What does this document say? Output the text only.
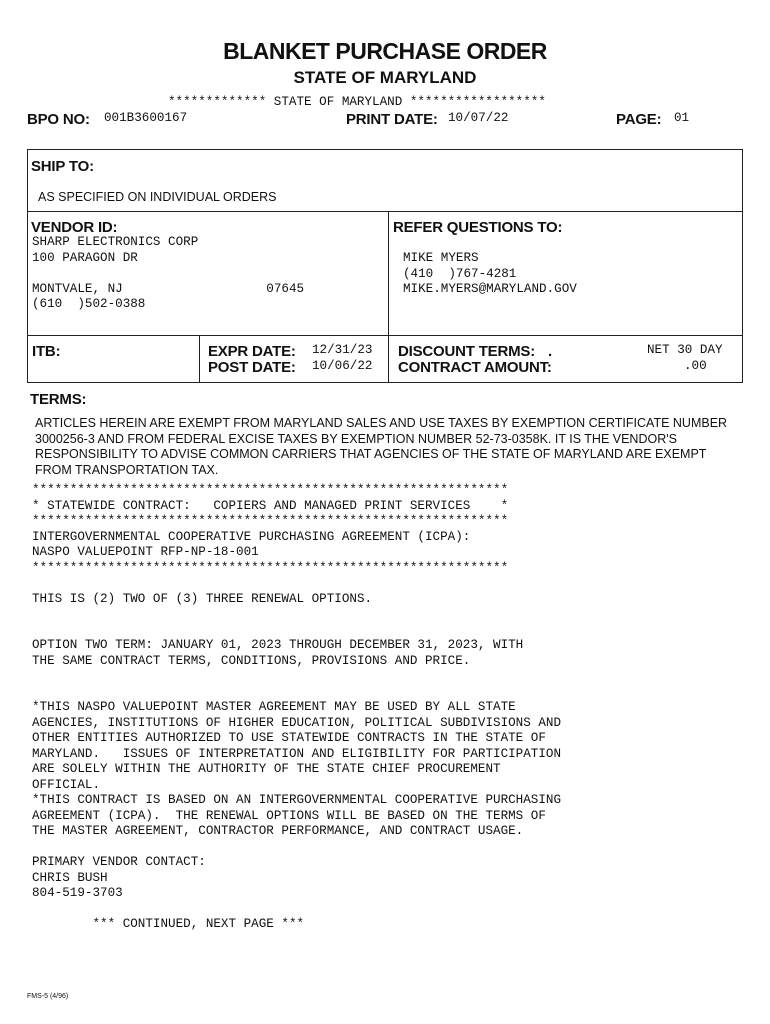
BLANKET PURCHASE ORDER
STATE OF MARYLAND
************* STATE OF MARYLAND ******************
BPO NO: 001B3600167	PRINT DATE: 10/07/22	PAGE: 01
SHIP TO:
AS SPECIFIED ON INDIVIDUAL ORDERS
VENDOR ID:
SHARP ELECTRONICS CORP
100 PARAGON DR
MONTVALE, NJ                   07645
(610  )502-0388
REFER QUESTIONS TO:
MIKE MYERS
(410  )767-4281
MIKE.MYERS@MARYLAND.GOV
ITB:	EXPR DATE: 12/31/23
POST DATE: 10/06/22
DISCOUNT TERMS: .	NET 30 DAY
CONTRACT AMOUNT:	.00
TERMS:
ARTICLES HEREIN ARE EXEMPT FROM MARYLAND SALES AND USE TAXES BY EXEMPTION CERTIFICATE NUMBER 3000256-3 AND FROM FEDERAL EXCISE TAXES BY EXEMPTION NUMBER 52-73-0358K. IT IS THE VENDOR'S RESPONSIBILITY TO ADVISE COMMON CARRIERS THAT AGENCIES OF THE STATE OF MARYLAND ARE EXEMPT FROM TRANSPORTATION TAX.
***************************************************************
* STATEWIDE CONTRACT:   COPIERS AND MANAGED PRINT SERVICES    *
***************************************************************
INTERGOVERNMENTAL COOPERATIVE PURCHASING AGREEMENT (ICPA):
NASPO VALUEPOINT RFP-NP-18-001
***************************************************************
THIS IS (2) TWO OF (3) THREE RENEWAL OPTIONS.
OPTION TWO TERM: JANUARY 01, 2023 THROUGH DECEMBER 31, 2023, WITH
THE SAME CONTRACT TERMS, CONDITIONS, PROVISIONS AND PRICE.
*THIS NASPO VALUEPOINT MASTER AGREEMENT MAY BE USED BY ALL STATE
AGENCIES, INSTITUTIONS OF HIGHER EDUCATION, POLITICAL SUBDIVISIONS AND
OTHER ENTITIES AUTHORIZED TO USE STATEWIDE CONTRACTS IN THE STATE OF
MARYLAND.   ISSUES OF INTERPRETATION AND ELIGIBILITY FOR PARTICIPATION
ARE SOLELY WITHIN THE AUTHORITY OF THE STATE CHIEF PROCUREMENT
OFFICIAL.
*THIS CONTRACT IS BASED ON AN INTERGOVERNMENTAL COOPERATIVE PURCHASING
AGREEMENT (ICPA).  THE RENEWAL OPTIONS WILL BE BASED ON THE TERMS OF
THE MASTER AGREEMENT, CONTRACTOR PERFORMANCE, AND CONTRACT USAGE.
PRIMARY VENDOR CONTACT:
CHRIS BUSH
804-519-3703
*** CONTINUED, NEXT PAGE ***
FMS-5 (4/96)
